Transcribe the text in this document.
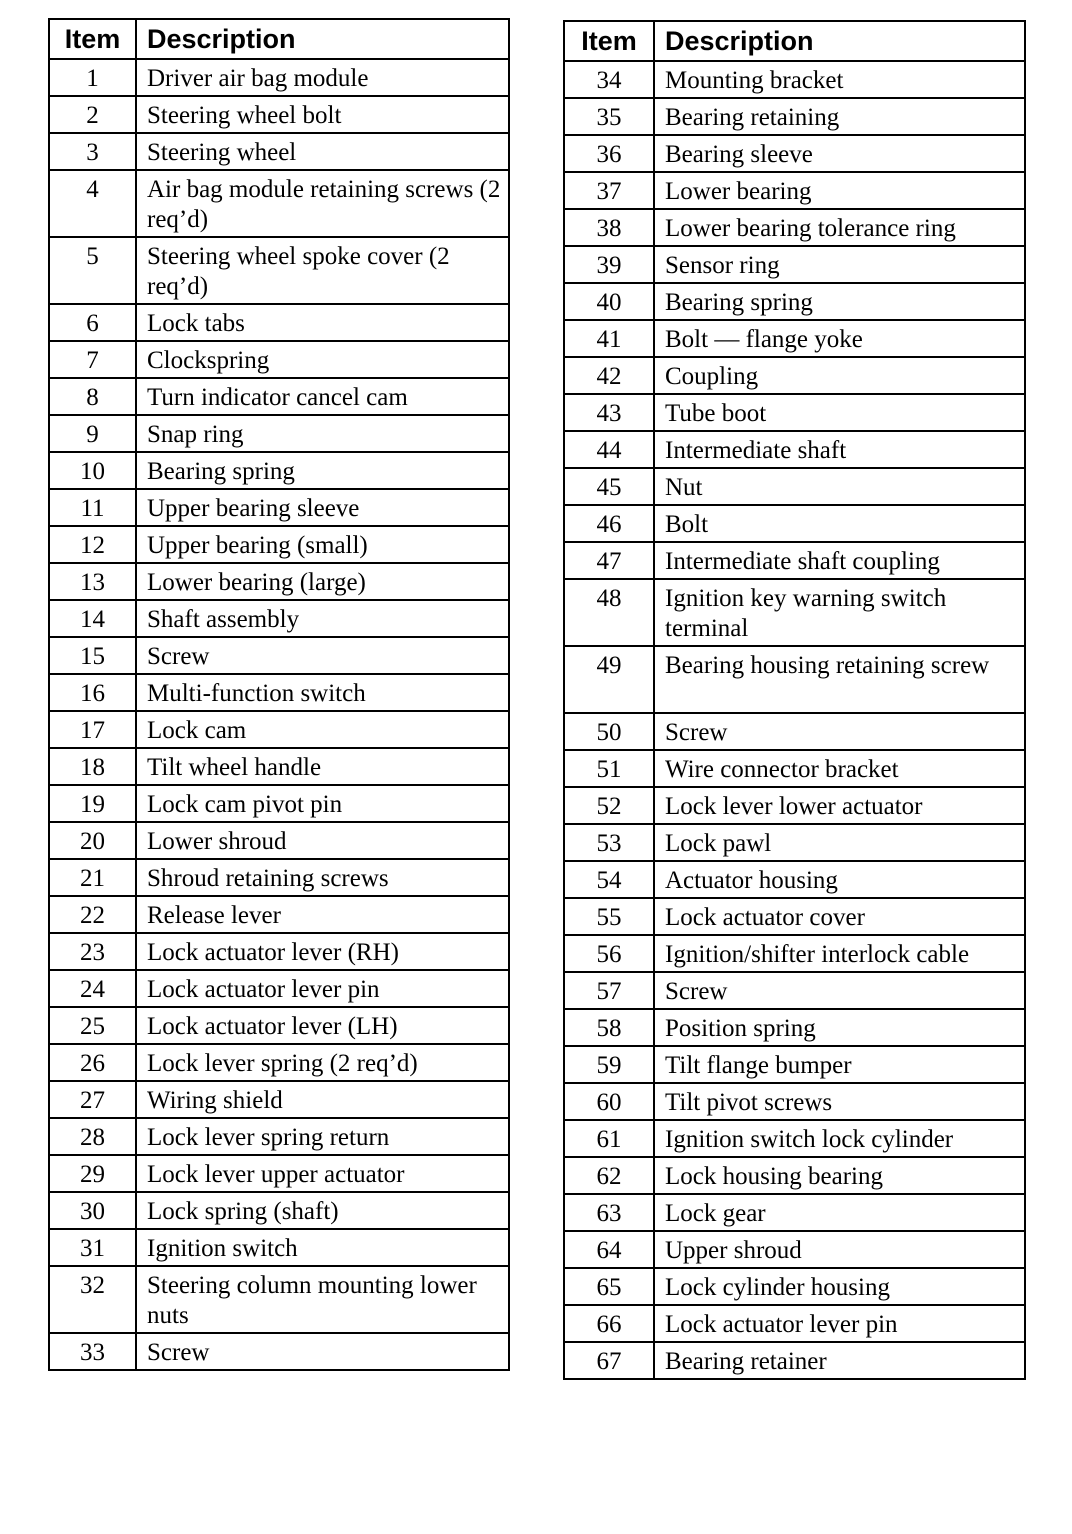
Item	Description
1	Driver air bag module
2	Steering wheel bolt
3	Steering wheel
4	Air bag module retaining screws (2 req’d)
5	Steering wheel spoke cover (2 req’d)
6	Lock tabs
7	Clockspring
8	Turn indicator cancel cam
9	Snap ring
10	Bearing spring
11	Upper bearing sleeve
12	Upper bearing (small)
13	Lower bearing (large)
14	Shaft assembly
15	Screw
16	Multi-function switch
17	Lock cam
18	Tilt wheel handle
19	Lock cam pivot pin
20	Lower shroud
21	Shroud retaining screws
22	Release lever
23	Lock actuator lever (RH)
24	Lock actuator lever pin
25	Lock actuator lever (LH)
26	Lock lever spring (2 req’d)
27	Wiring shield
28	Lock lever spring return
29	Lock lever upper actuator
30	Lock spring (shaft)
31	Ignition switch
32	Steering column mounting lower nuts
33	Screw
Item	Description
34	Mounting bracket
35	Bearing retaining
36	Bearing sleeve
37	Lower bearing
38	Lower bearing tolerance ring
39	Sensor ring
40	Bearing spring
41	Bolt — flange yoke
42	Coupling
43	Tube boot
44	Intermediate shaft
45	Nut
46	Bolt
47	Intermediate shaft coupling
48	Ignition key warning switch terminal
49	Bearing housing retaining screw
50	Screw
51	Wire connector bracket
52	Lock lever lower actuator
53	Lock pawl
54	Actuator housing
55	Lock actuator cover
56	Ignition/shifter interlock cable
57	Screw
58	Position spring
59	Tilt flange bumper
60	Tilt pivot screws
61	Ignition switch lock cylinder
62	Lock housing bearing
63	Lock gear
64	Upper shroud
65	Lock cylinder housing
66	Lock actuator lever pin
67	Bearing retainer
